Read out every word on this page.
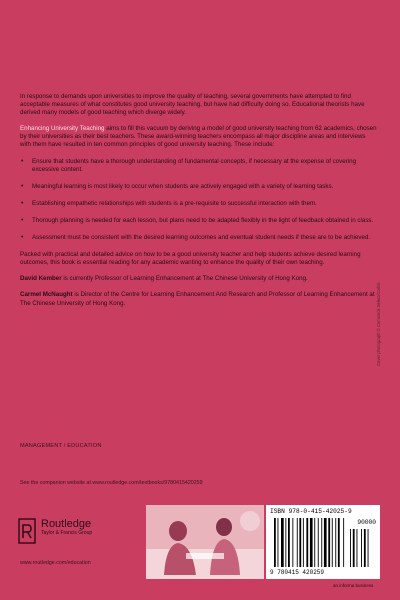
In response to demands upon universities to improve the quality of teaching, several governments have attempted to find acceptable measures of what constitutes good university teaching, but have had difficulty doing so. Educational theorists have derived many models of good teaching which diverge widely.

Enhancing University Teaching aims to fill this vacuum by deriving a model of good university teaching from 62 academics, chosen by their universities as their best teachers. These award-winning teachers encompass all major discipline areas and interviews with them have resulted in ten common principles of good university teaching. These include:

• Ensure that students have a thorough understanding of fundamental concepts, if necessary at the expense of covering excessive content.
• Meaningful learning is most likely to occur when students are actively engaged with a variety of learning tasks.
• Establishing empathetic relationships with students is a pre-requisite to successful interaction with them.
• Thorough planning is needed for each lesson, but plans need to be adapted flexibly in the light of feedback obtained in class.
• Assessment must be consistent with the desired learning outcomes and eventual student needs if these are to be achieved.

Packed with practical and detailed advice on how to be a good university teacher and help students achieve desired learning outcomes, this book is essential reading for any academic wanting to enhance the quality of their own teaching.

David Kember is currently Professor of Learning Enhancement at The Chinese University of Hong Kong.

Carmel McNaught is Director of the Centre for Learning Enhancement And Research and Professor of Learning Enhancement at The Chinese University of Hong Kong.	Cover photograph © Comstock Select/Corbis
MANAGEMENT / EDUCATION
See the companion website at www.routledge.com/textbooks/9780415420259
Routledge
Taylor & Francis Group
www.routledge.com/education
ISBN 978-0-415-42025-9
90000
9 780415 420259
an informa business
